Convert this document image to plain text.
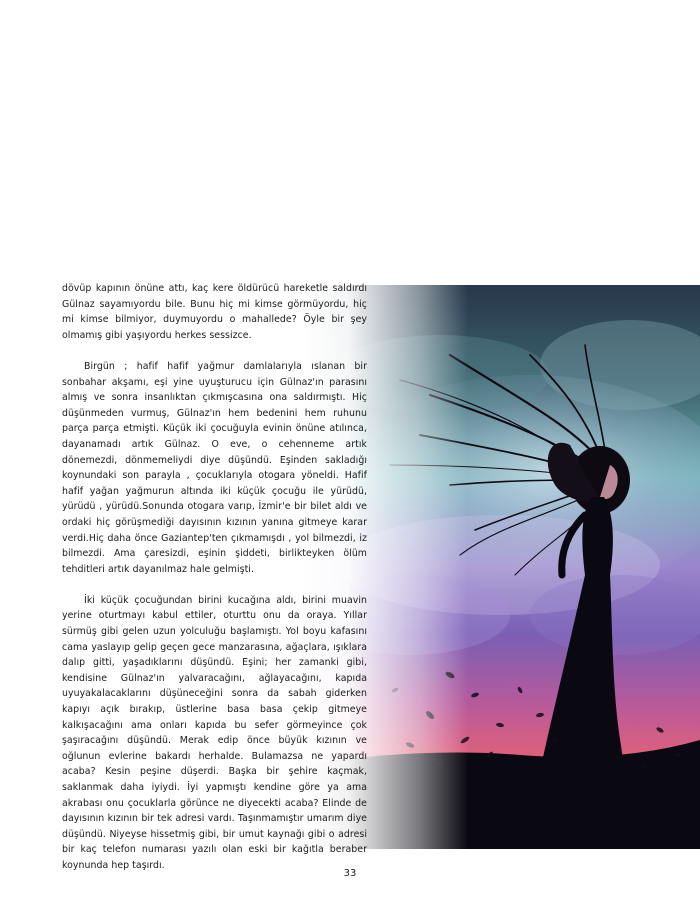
dövüp kapının önüne attı, kaç kere öldürücü hareketle saldırdı Gülnaz sayamıyordu bile. Bunu hiç mi kimse görmüyordu, hiç mi kimse bilmiyor, duymuyordu o mahallede? Öyle bir şey olmamış gibi yaşıyordu herkes sessizce.

Birgün ; hafif hafif yağmur damlalarıyla ıslanan bir sonbahar akşamı, eşi yine uyuşturucu için Gülnaz'ın parasını almış ve sonra insanlıktan çıkmışcasına ona saldırmıştı. Hiç düşünmeden vurmuş, Gülnaz'ın hem bedenini hem ruhunu parça parça etmişti. Küçük iki çocuğuyla evinin önüne atılınca, dayanamadı artık Gülnaz. O eve, o cehenneme artık dönemezdi, dönmemeliydi diye düşündü. Eşinden sakladığı koynundaki son parayla , çocuklarıyla otogara yöneldi. Hafif hafif yağan yağmurun altında iki küçük çocuğu ile yürüdü, yürüdü , yürüdü.Sonunda otogara varıp, İzmir'e bir bilet aldı ve ordaki hiç görüşmediği dayısının kızının yanına gitmeye karar verdi.Hiç daha önce Gaziantep'ten çıkmamışdı , yol bilmezdi, iz bilmezdi. Ama çaresizdi, eşinin şiddeti, birlikteyken ölüm tehditleri artık dayanılmaz hale gelmişti.

İki küçük çocuğundan birini kucağına aldı, birini muavin yerine oturtmayı kabul ettiler, oturttu onu da oraya. Yıllar sürmüş gibi gelen uzun yolculuğu başlamıştı. Yol boyu kafasını cama yaslayıp gelip geçen gece manzarasına, ağaçlara, ışıklara dalıp gitti, yaşadıklarını düşündü. Eşini; her zamanki gibi, kendisine Gülnaz'ın yalvaracağını, ağlayacağını, kapıda uyuyakalacaklarını düşüneceğini sonra da sabah giderken kapıyı açık bırakıp, üstlerine basa basa çekip gitmeye kalkışacağını ama onları kapıda bu sefer görmeyince çok şaşıracağını düşündü. Merak edip önce büyük kızının ve oğlunun evlerine bakardı herhalde. Bulamazsa ne yapardı acaba? Kesin peşine düşerdi. Başka bir şehire kaçmak, saklanmak daha iyiydi. İyi yapmıştı kendine göre ya ama akrabası onu çocuklarla görünce ne diyecekti acaba? Elinde de dayısının kızının bir tek adresi vardı. Taşınmamıştır umarım diye düşündü. Niyeyse hissetmiş gibi, bir umut kaynağı gibi o adresi bir kaç telefon numarası yazılı olan eski bir kağıtla beraber koynunda hep taşırdı.

33
